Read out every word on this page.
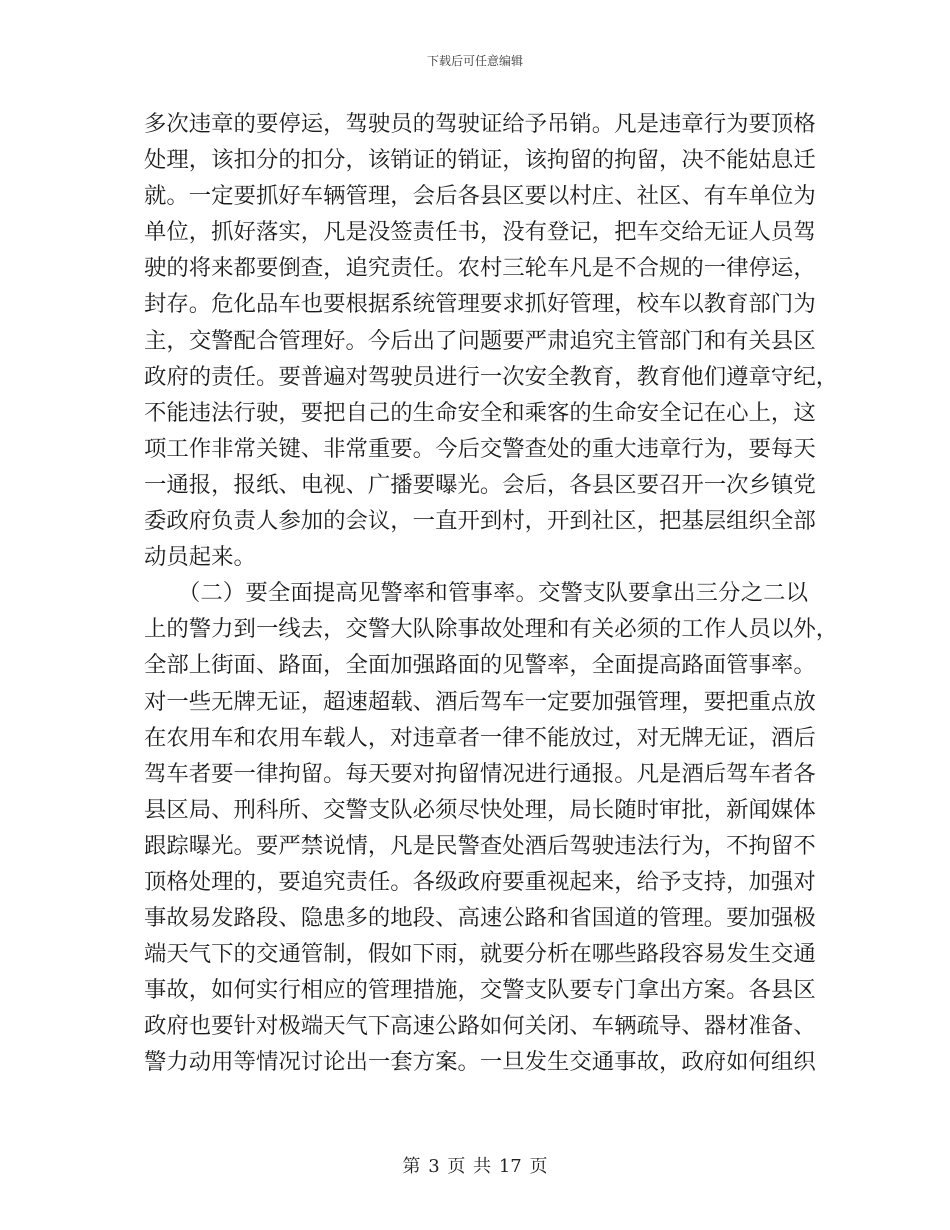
下载后可任意编辑
多次违章的要停运，驾驶员的驾驶证给予吊销。凡是违章行为要顶格
处理，该扣分的扣分，该销证的销证，该拘留的拘留，决不能姑息迁
就。一定要抓好车辆管理，会后各县区要以村庄、社区、有车单位为
单位，抓好落实，凡是没签责任书，没有登记，把车交给无证人员驾
驶的将来都要倒查，追究责任。农村三轮车凡是不合规的一律停运，
封存。危化品车也要根据系统管理要求抓好管理，校车以教育部门为
主，交警配合管理好。今后出了问题要严肃追究主管部门和有关县区
政府的责任。要普遍对驾驶员进行一次安全教育，教育他们遵章守纪，
不能违法行驶，要把自己的生命安全和乘客的生命安全记在心上，这
项工作非常关键、非常重要。今后交警查处的重大违章行为，要每天
一通报，报纸、电视、广播要曝光。会后，各县区要召开一次乡镇党
委政府负责人参加的会议，一直开到村，开到社区，把基层组织全部
动员起来。
　　（二）要全面提高见警率和管事率。交警支队要拿出三分之二以
上的警力到一线去，交警大队除事故处理和有关必须的工作人员以外，
全部上街面、路面，全面加强路面的见警率，全面提高路面管事率。
对一些无牌无证，超速超载、酒后驾车一定要加强管理，要把重点放
在农用车和农用车载人，对违章者一律不能放过，对无牌无证，酒后
驾车者要一律拘留。每天要对拘留情况进行通报。凡是酒后驾车者各
县区局、刑科所、交警支队必须尽快处理，局长随时审批，新闻媒体
跟踪曝光。要严禁说情，凡是民警查处酒后驾驶违法行为，不拘留不
顶格处理的，要追究责任。各级政府要重视起来，给予支持，加强对
事故易发路段、隐患多的地段、高速公路和省国道的管理。要加强极
端天气下的交通管制，假如下雨，就要分析在哪些路段容易发生交通
事故，如何实行相应的管理措施，交警支队要专门拿出方案。各县区
政府也要针对极端天气下高速公路如何关闭、车辆疏导、器材准备、
警力动用等情况讨论出一套方案。一旦发生交通事故，政府如何组织
第 3 页 共 17 页
